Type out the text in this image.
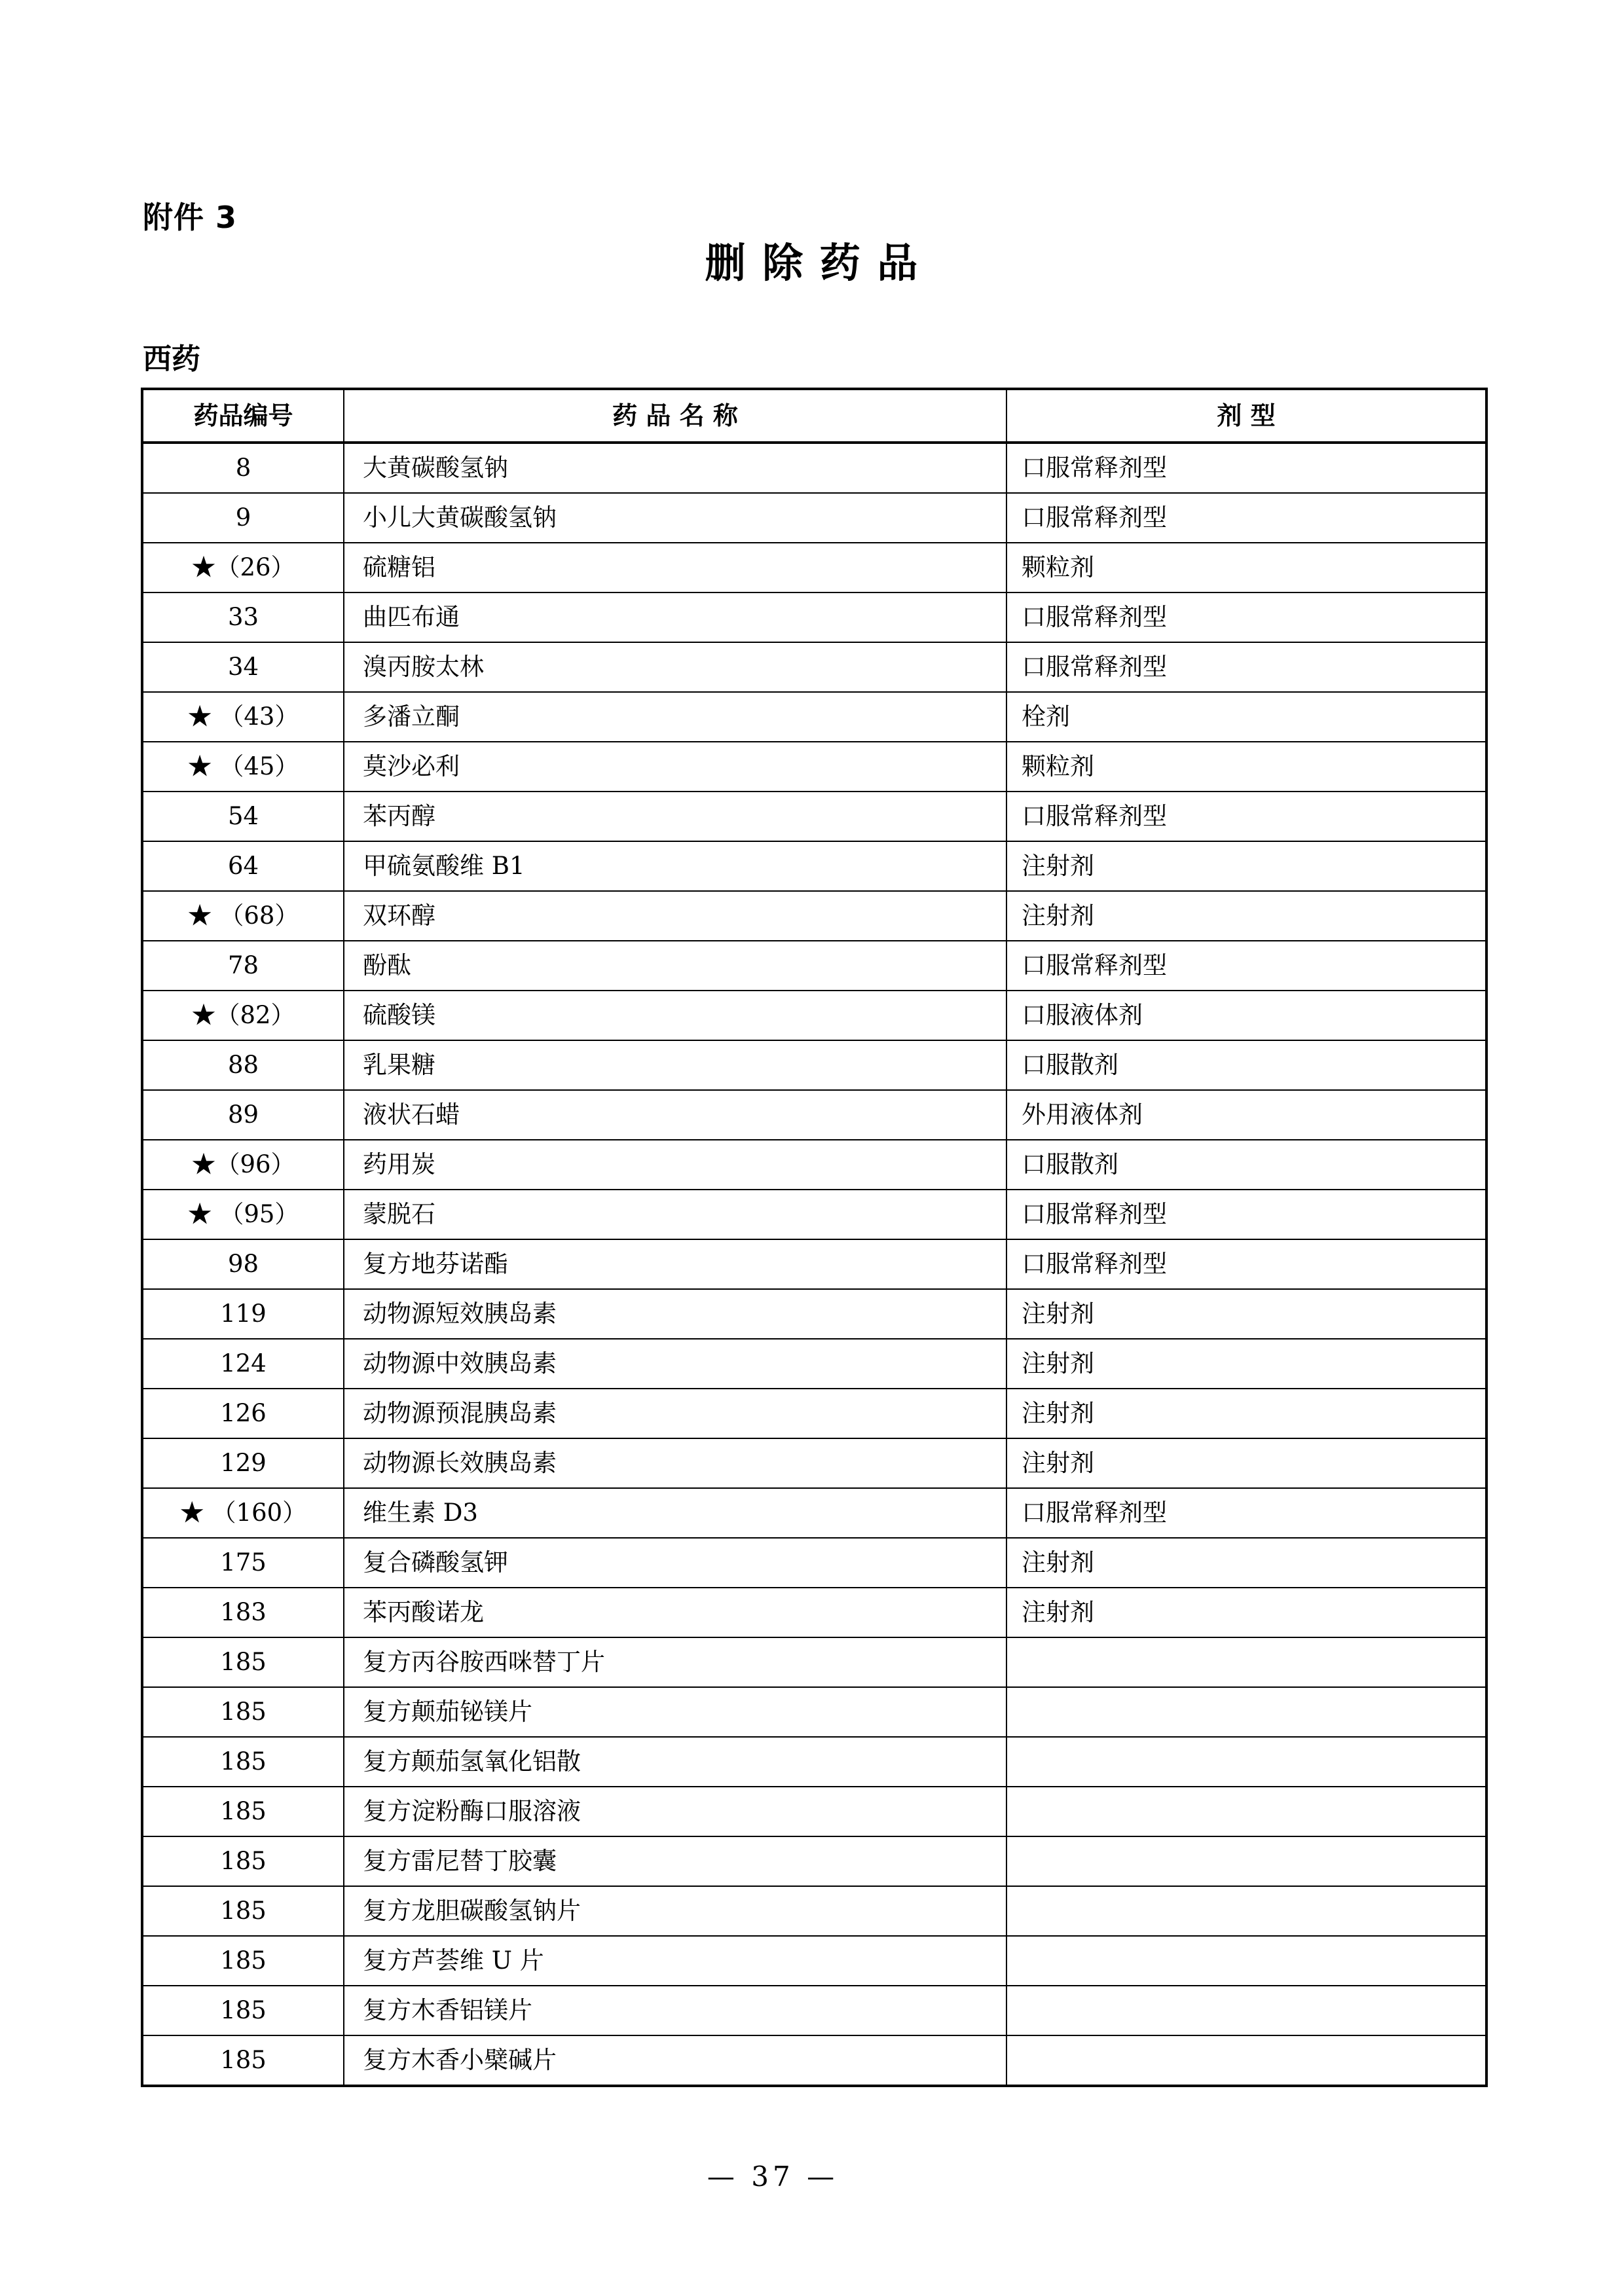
附件 3
删 除 药 品
西药
药品编号	药 品 名 称	剂 型
8	大黄碳酸氢钠	口服常释剂型
9	小儿大黄碳酸氢钠	口服常释剂型
★（26）	硫糖铝	颗粒剂
33	曲匹布通	口服常释剂型
34	溴丙胺太林	口服常释剂型
★ （43）	多潘立酮	栓剂
★ （45）	莫沙必利	颗粒剂
54	苯丙醇	口服常释剂型
64	甲硫氨酸维 B1	注射剂
★ （68）	双环醇	注射剂
78	酚酞	口服常释剂型
★（82）	硫酸镁	口服液体剂
88	乳果糖	口服散剂
89	液状石蜡	外用液体剂
★（96）	药用炭	口服散剂
★ （95）	蒙脱石	口服常释剂型
98	复方地芬诺酯	口服常释剂型
119	动物源短效胰岛素	注射剂
124	动物源中效胰岛素	注射剂
126	动物源预混胰岛素	注射剂
129	动物源长效胰岛素	注射剂
★ （160）	维生素 D3	口服常释剂型
175	复合磷酸氢钾	注射剂
183	苯丙酸诺龙	注射剂
185	复方丙谷胺西咪替丁片	
185	复方颠茄铋镁片	
185	复方颠茄氢氧化铝散	
185	复方淀粉酶口服溶液	
185	复方雷尼替丁胶囊	
185	复方龙胆碳酸氢钠片	
185	复方芦荟维 U 片	
185	复方木香铝镁片	
185	复方木香小檗碱片	
— 37 —
